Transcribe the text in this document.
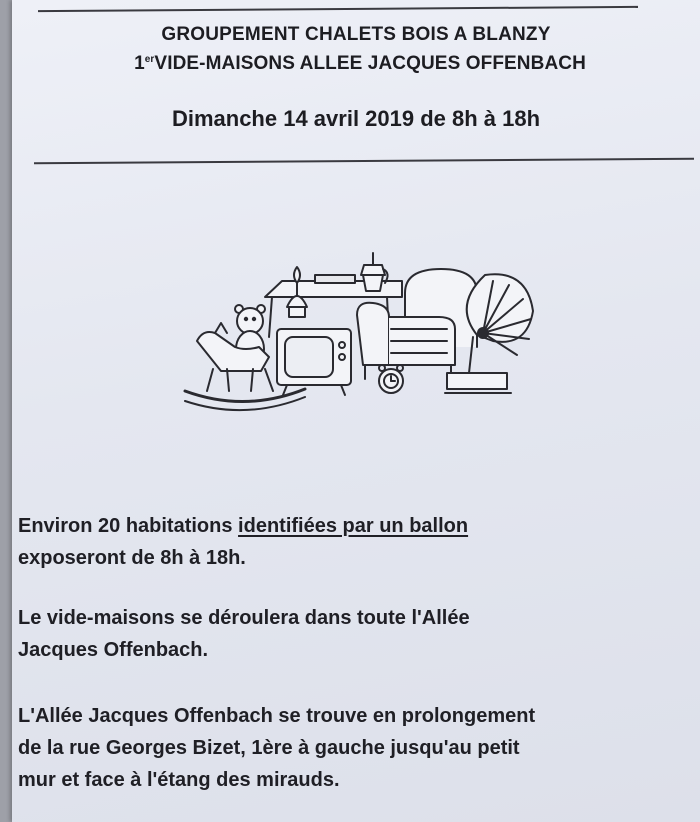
GROUPEMENT CHALETS BOIS A BLANZY
1erVIDE-MAISONS ALLEE JACQUES OFFENBACH
Dimanche 14 avril 2019 de 8h à 18h
Environ 20 habitations identifiées par un ballon
exposeront de 8h à 18h.
Le vide-maisons se déroulera dans toute l'Allée
Jacques Offenbach.
L'Allée Jacques Offenbach se trouve en prolongement
de la rue Georges Bizet, 1ère à gauche jusqu'au petit
mur et face à l'étang des mirauds.
